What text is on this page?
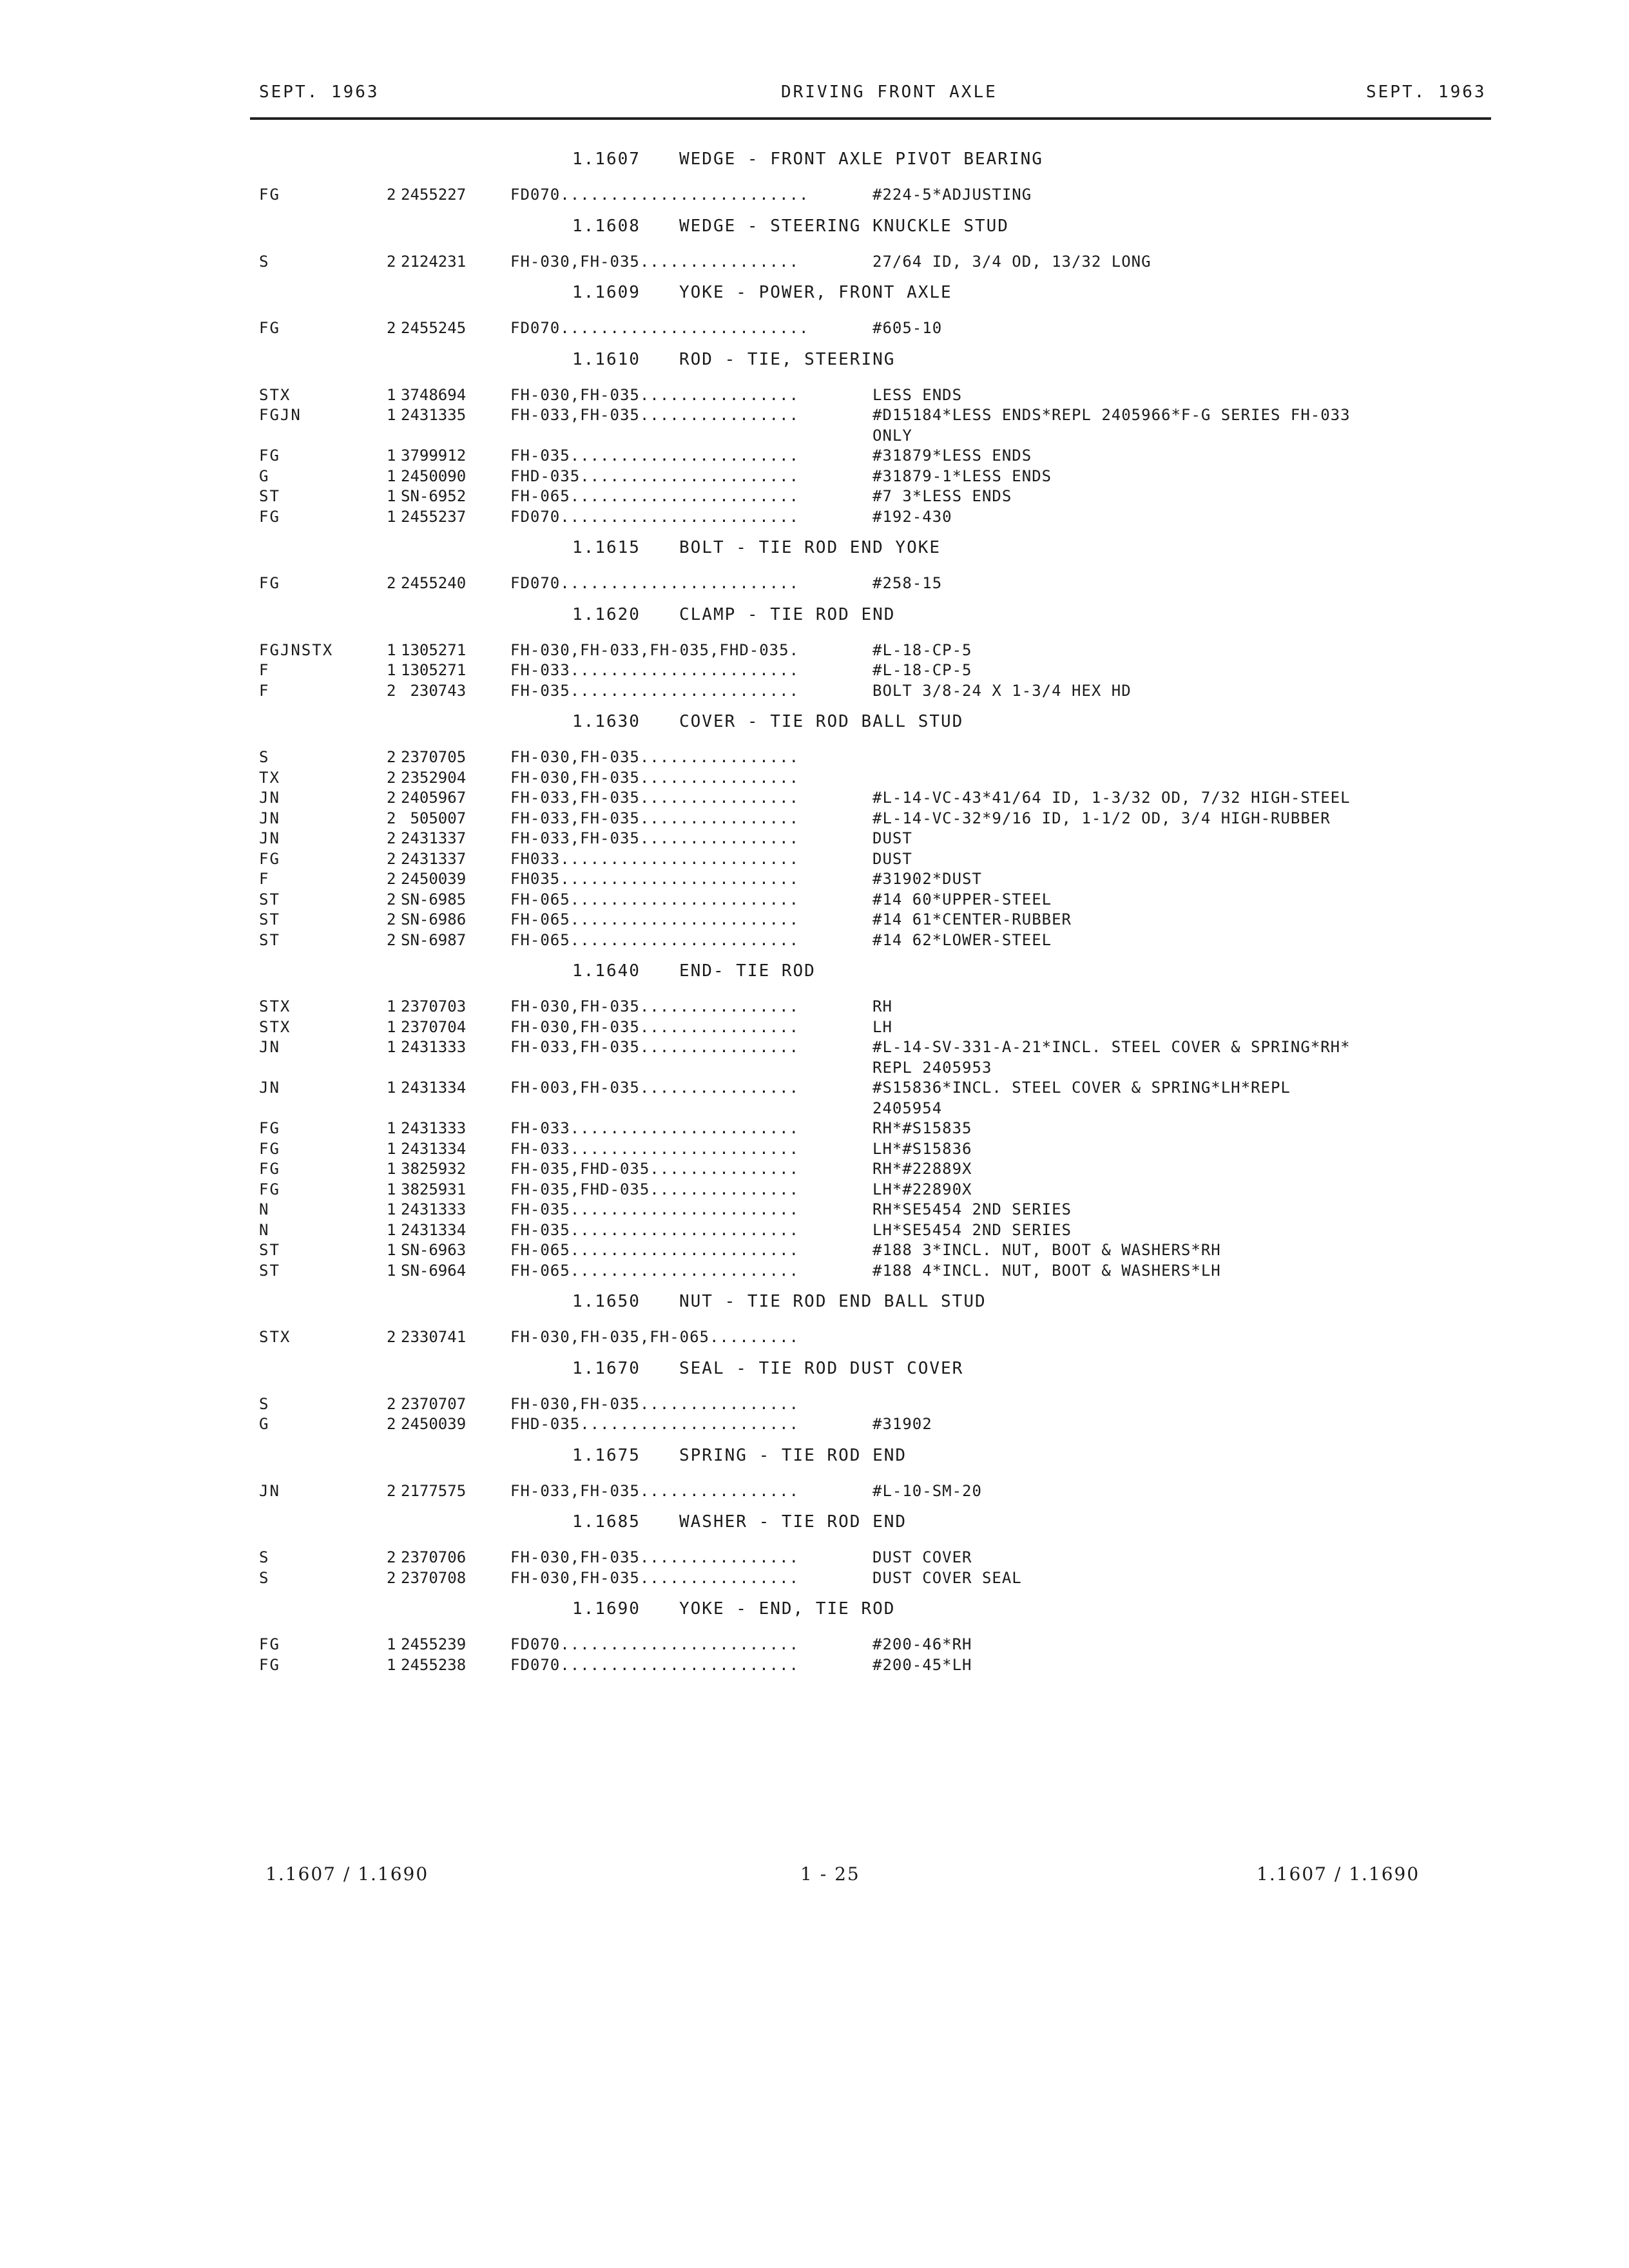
SEPT. 1963	DRIVING FRONT AXLE	SEPT. 1963
1.1607 WEDGE - FRONT AXLE PIVOT BEARING
FG	2 2455227	FD070.........................	#224-5*ADJUSTING
1.1608 WEDGE - STEERING KNUCKLE STUD
S	2 2124231	FH-030,FH-035................	27/64 ID, 3/4 OD, 13/32 LONG
1.1609 YOKE - POWER, FRONT AXLE
FG	2 2455245	FD070.........................	#605-10
1.1610 ROD - TIE, STEERING
STX	1 3748694	FH-030,FH-035................	LESS ENDS
FGJN	1 2431335	FH-033,FH-035................	#D15184*LESS ENDS*REPL 2405966*F-G SERIES FH-033
ONLY
FG	1 3799912	FH-035.......................	#31879*LESS ENDS
G	1 2450090	FHD-035......................	#31879-1*LESS ENDS
ST	1 SN-6952	FH-065.......................	#7 3*LESS ENDS
FG	1 2455237	FD070........................	#192-430
1.1615 BOLT - TIE ROD END YOKE
FG	2 2455240	FD070........................	#258-15
1.1620 CLAMP - TIE ROD END
FGJNSTX	1 1305271	FH-030,FH-033,FH-035,FHD-035.	#L-18-CP-5
F	1 1305271	FH-033.......................	#L-18-CP-5
F	2 230743	FH-035.......................	BOLT 3/8-24 X 1-3/4 HEX HD
1.1630 COVER - TIE ROD BALL STUD
S	2 2370705	FH-030,FH-035................
TX	2 2352904	FH-030,FH-035................
JN	2 2405967	FH-033,FH-035................	#L-14-VC-43*41/64 ID, 1-3/32 OD, 7/32 HIGH-STEEL
JN	2 505007	FH-033,FH-035................	#L-14-VC-32*9/16 ID, 1-1/2 OD, 3/4 HIGH-RUBBER
JN	2 2431337	FH-033,FH-035................	DUST
FG	2 2431337	FH033........................	DUST
F	2 2450039	FH035........................	#31902*DUST
ST	2 SN-6985	FH-065.......................	#14 60*UPPER-STEEL
ST	2 SN-6986	FH-065.......................	#14 61*CENTER-RUBBER
ST	2 SN-6987	FH-065.......................	#14 62*LOWER-STEEL
1.1640 END- TIE ROD
STX	1 2370703	FH-030,FH-035................	RH
STX	1 2370704	FH-030,FH-035................	LH
JN	1 2431333	FH-033,FH-035................	#L-14-SV-331-A-21*INCL. STEEL COVER & SPRING*RH*
REPL 2405953
JN	1 2431334	FH-003,FH-035................	#S15836*INCL. STEEL COVER & SPRING*LH*REPL
2405954
FG	1 2431333	FH-033.......................	RH*#S15835
FG	1 2431334	FH-033.......................	LH*#S15836
FG	1 3825932	FH-035,FHD-035...............	RH*#22889X
FG	1 3825931	FH-035,FHD-035...............	LH*#22890X
N	1 2431333	FH-035.......................	RH*SE5454 2ND SERIES
N	1 2431334	FH-035.......................	LH*SE5454 2ND SERIES
ST	1 SN-6963	FH-065.......................	#188 3*INCL. NUT, BOOT & WASHERS*RH
ST	1 SN-6964	FH-065.......................	#188 4*INCL. NUT, BOOT & WASHERS*LH
1.1650 NUT - TIE ROD END BALL STUD
STX	2 2330741	FH-030,FH-035,FH-065.........
1.1670 SEAL - TIE ROD DUST COVER
S	2 2370707	FH-030,FH-035................
G	2 2450039	FHD-035......................	#31902
1.1675 SPRING - TIE ROD END
JN	2 2177575	FH-033,FH-035................	#L-10-SM-20
1.1685 WASHER - TIE ROD END
S	2 2370706	FH-030,FH-035................	DUST COVER
S	2 2370708	FH-030,FH-035................	DUST COVER SEAL
1.1690 YOKE - END, TIE ROD
FG	1 2455239	FD070........................	#200-46*RH
FG	1 2455238	FD070........................	#200-45*LH
1.1607 / 1.1690	1 - 25	1.1607 / 1.1690
